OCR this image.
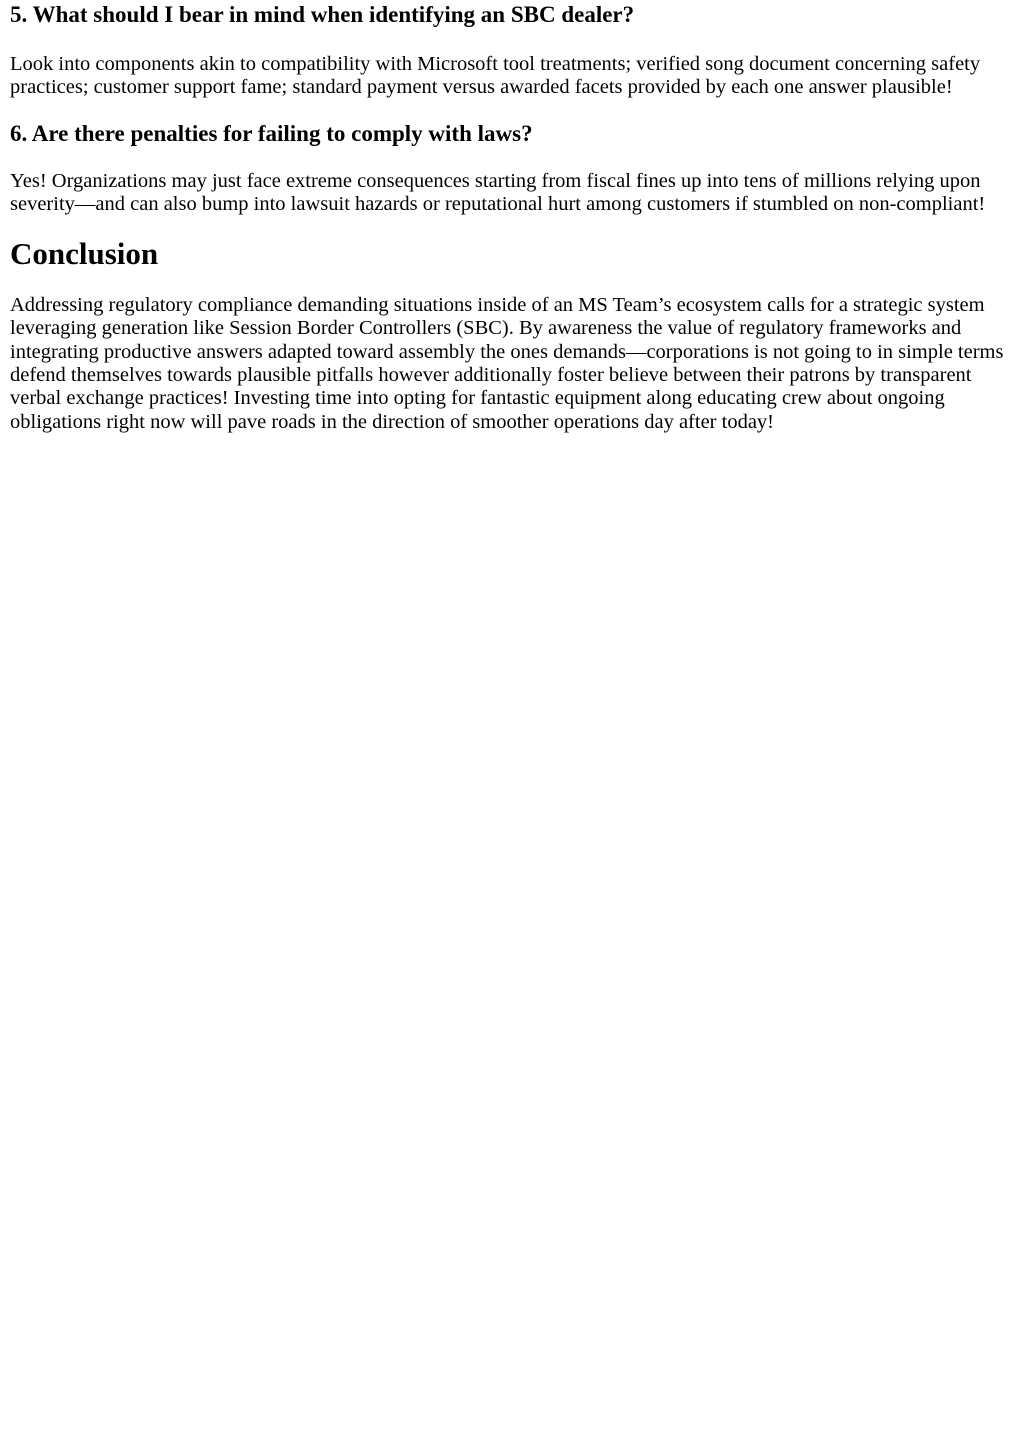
5. What should I bear in mind when identifying an SBC dealer?

Look into components akin to compatibility with Microsoft tool treatments; verified song document concerning safety practices; customer support fame; standard payment versus awarded facets provided by each one answer plausible!

6. Are there penalties for failing to comply with laws?

Yes! Organizations may just face extreme consequences starting from fiscal fines up into tens of millions relying upon severity—and can also bump into lawsuit hazards or reputational hurt among customers if stumbled on non-compliant!

Conclusion

Addressing regulatory compliance demanding situations inside of an MS Team’s ecosystem calls for a strategic system leveraging generation like Session Border Controllers (SBC). By awareness the value of regulatory frameworks and integrating productive answers adapted toward assembly the ones demands—corporations is not going to in simple terms defend themselves towards plausible pitfalls however additionally foster believe between their patrons by transparent verbal exchange practices! Investing time into opting for fantastic equipment along educating crew about ongoing obligations right now will pave roads in the direction of smoother operations day after today!
